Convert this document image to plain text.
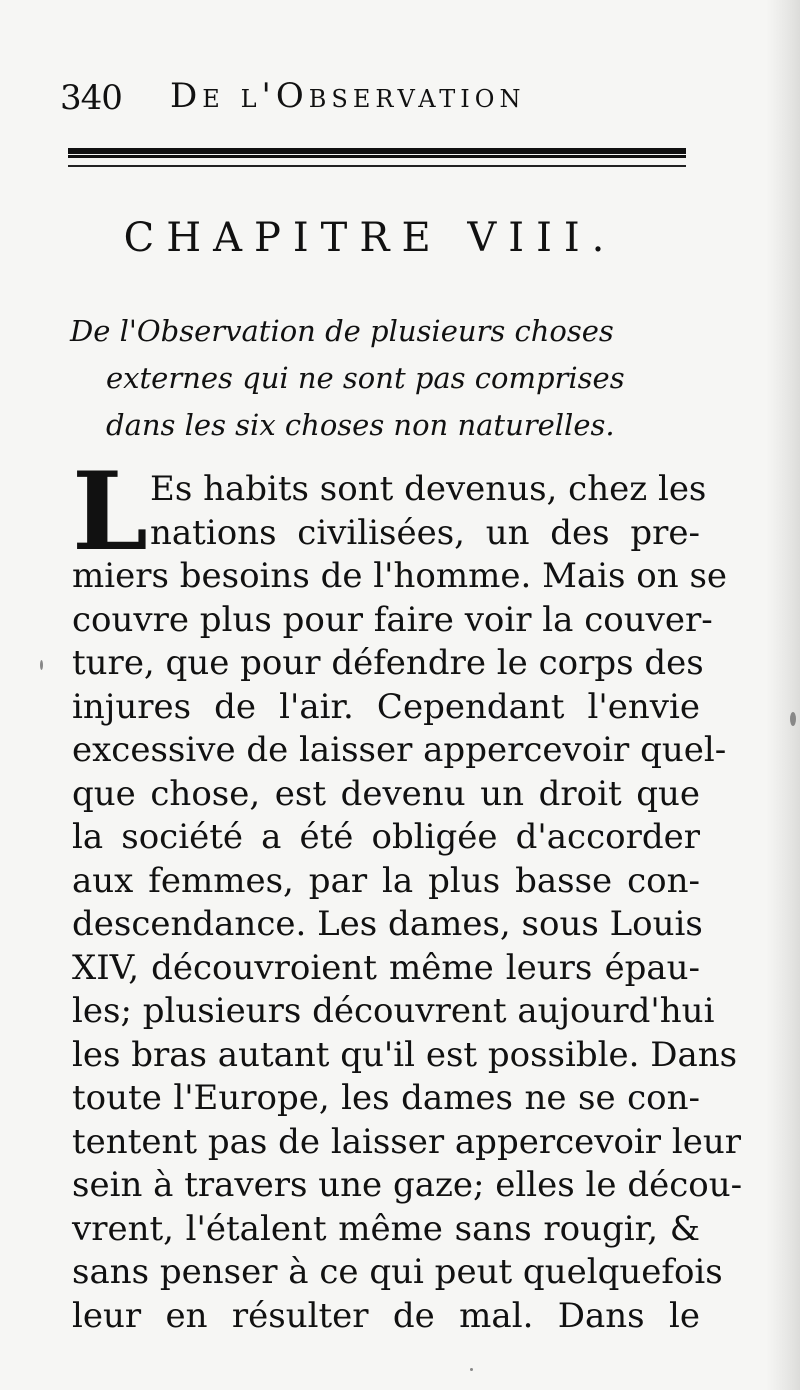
340 De l'Observation
CHAPITRE VIII.
De l'Observation de plusieurs choses
externes qui ne sont pas comprises
dans les six choses non naturelles.
L Es habits sont devenus, chez les
nations civilisées, un des pre-
miers besoins de l'homme. Mais on se
couvre plus pour faire voir la couver-
ture, que pour défendre le corps des
injures de l'air. Cependant l'envie
excessive de laisser appercevoir quel-
que chose, est devenu un droit que
la société a été obligée d'accorder
aux femmes, par la plus basse con-
descendance. Les dames, sous Louis
XIV, découvroient même leurs épau-
les; plusieurs découvrent aujourd'hui
les bras autant qu'il est possible. Dans
toute l'Europe, les dames ne se con-
tentent pas de laisser appercevoir leur
sein à travers une gaze; elles le décou-
vrent, l'étalent même sans rougir, &
sans penser à ce qui peut quelquefois
leur en résulter de mal. Dans le
